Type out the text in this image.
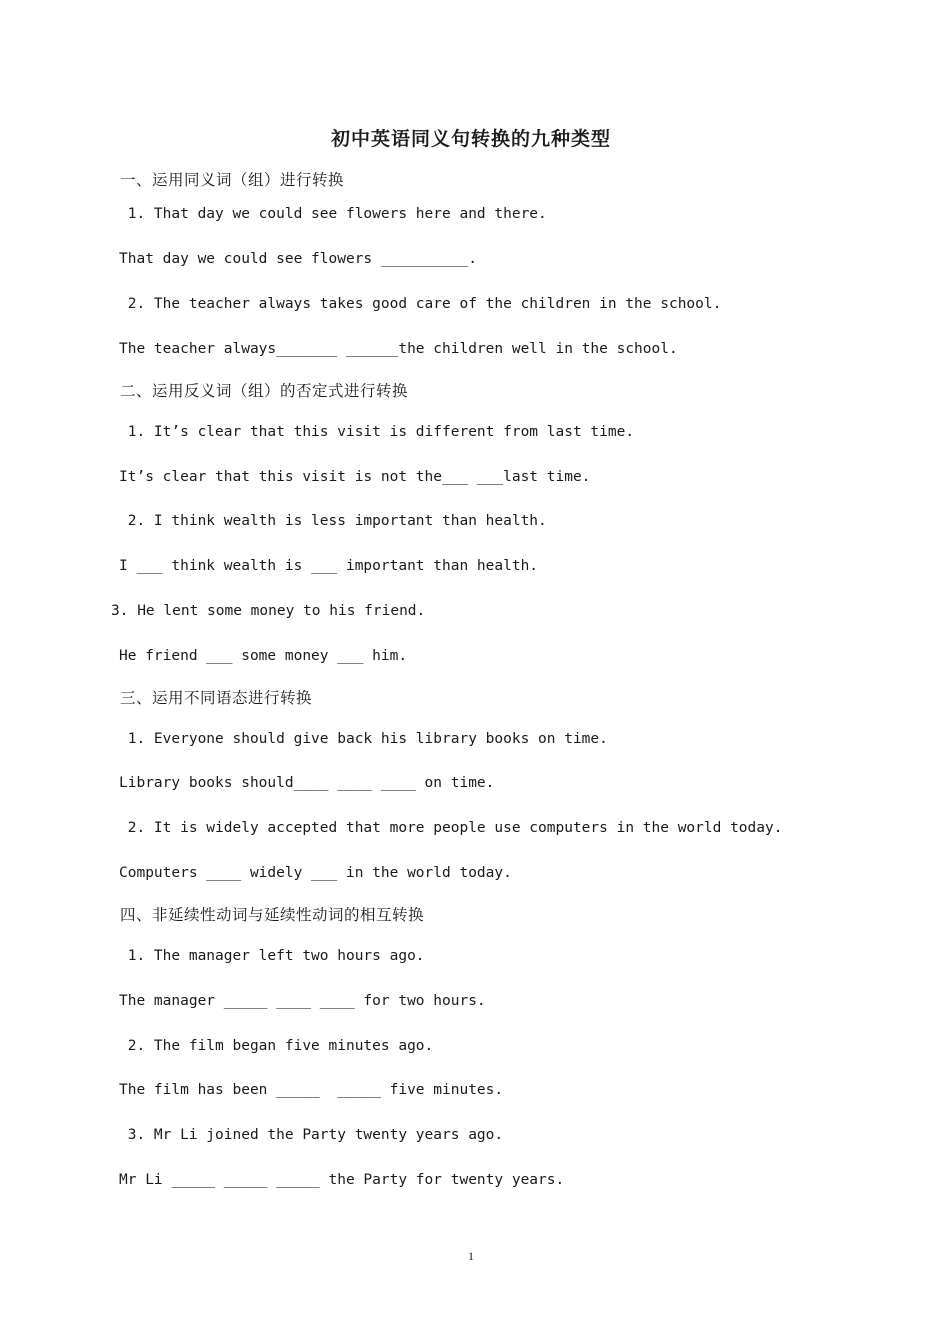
初中英语同义句转换的九种类型
一、运用同义词（组）进行转换
1. That day we could see flowers here and there.
That day we could see flowers __________.
2. The teacher always takes good care of the children in the school.
The teacher always_______ ______the children well in the school.
二、运用反义词（组）的否定式进行转换
1. It’s clear that this visit is different from last time.
It’s clear that this visit is not the___ ___last time.
2. I think wealth is less important than health.
I ___ think wealth is ___ important than health.
3. He lent some money to his friend.
He friend ___ some money ___ him.
三、运用不同语态进行转换
1. Everyone should give back his library books on time.
Library books should____ ____ ____ on time.
2. It is widely accepted that more people use computers in the world today.
Computers ____ widely ___ in the world today.
四、非延续性动词与延续性动词的相互转换
1. The manager left two hours ago.
The manager _____ ____ ____ for two hours.
2. The film began five minutes ago.
The film has been _____  _____ five minutes.
3. Mr Li joined the Party twenty years ago.
Mr Li _____ _____ _____ the Party for twenty years.
1
